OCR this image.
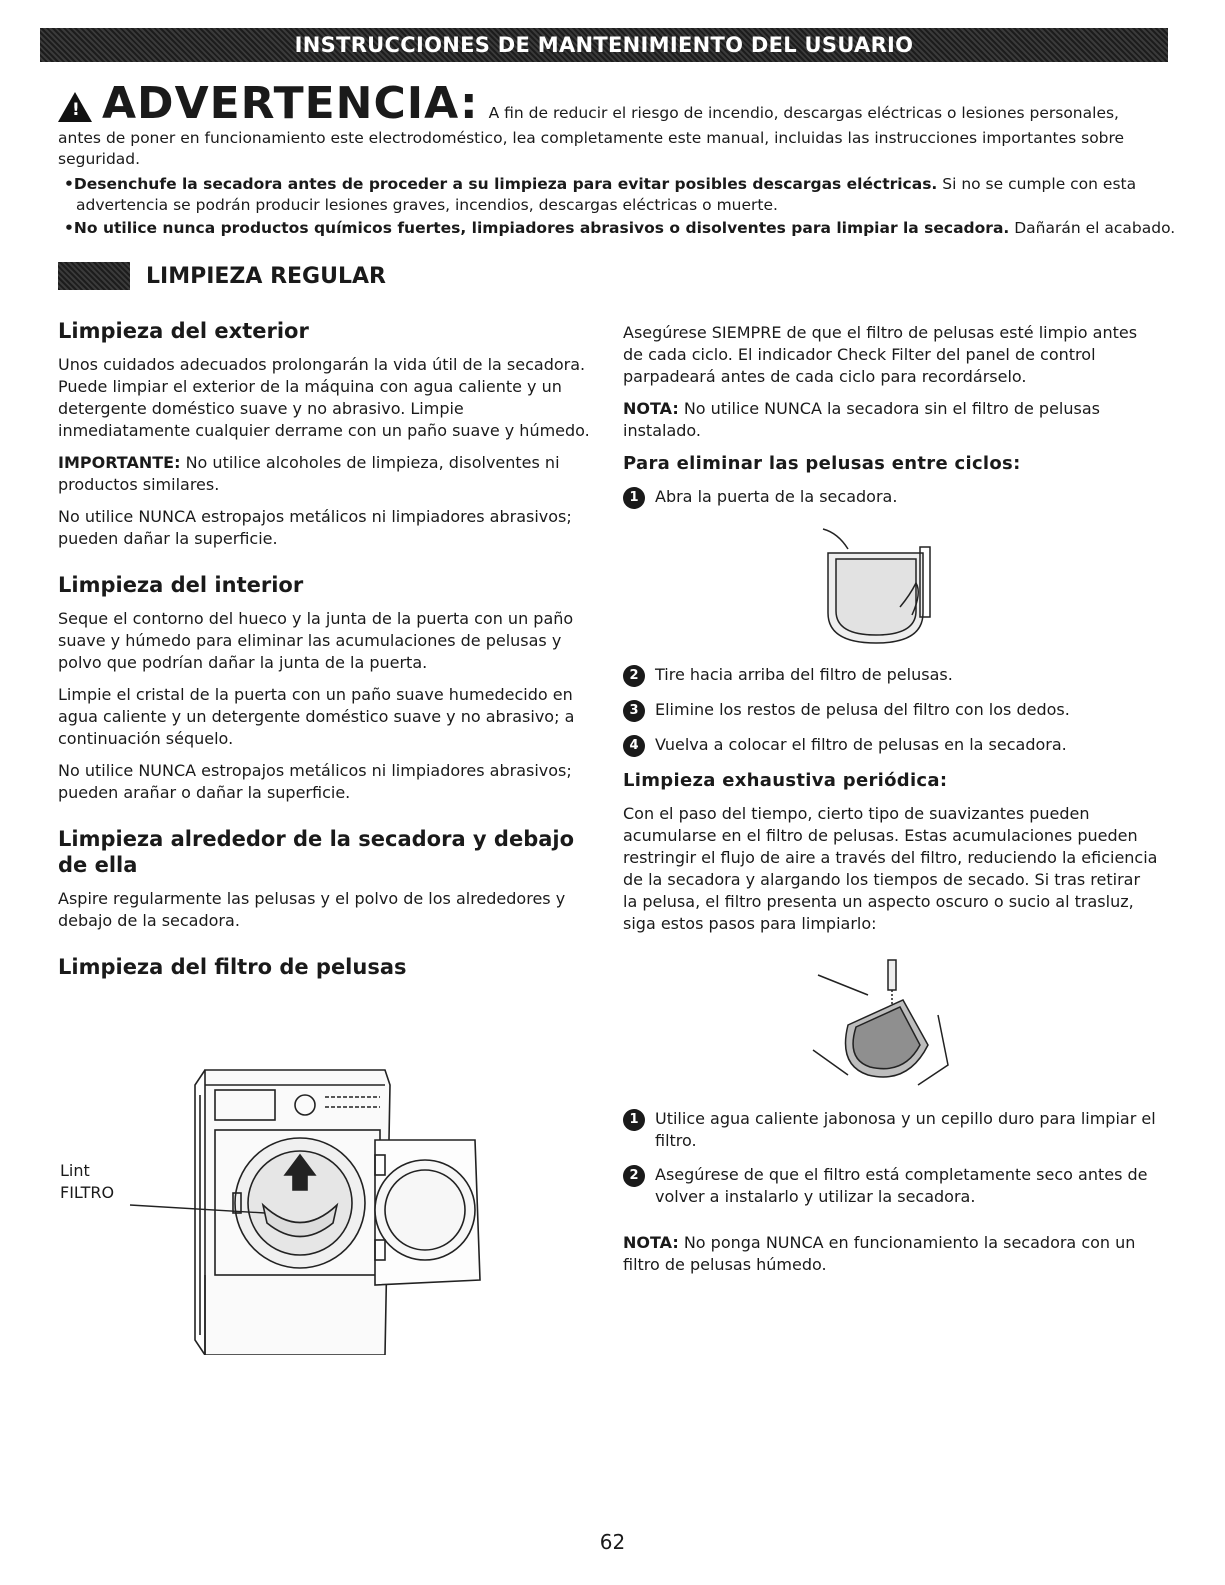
INSTRUCCIONES DE MANTENIMIENTO DEL USUARIO
!
ADVERTENCIA: A fin de reducir el riesgo de incendio, descargas eléctricas o lesiones personales,

antes de poner en funcionamiento este electrodoméstico, lea completamente este manual, incluidas las instrucciones importantes sobre seguridad.

• Desenchufe la secadora antes de proceder a su limpieza para evitar posibles descargas eléctricas. Si no se cumple con esta advertencia se podrán producir lesiones graves, incendios, descargas eléctricas o muerte.
• No utilice nunca productos químicos fuertes, limpiadores abrasivos o disolventes para limpiar la secadora. Dañarán el acabado.
LIMPIEZA REGULAR
Limpieza del exterior

Unos cuidados adecuados prolongarán la vida útil de la secadora. Puede limpiar el exterior de la máquina con agua caliente y un detergente doméstico suave y no abrasivo. Limpie inmediatamente cualquier derrame con un paño suave y húmedo.

IMPORTANTE: No utilice alcoholes de limpieza, disolventes ni productos similares.

No utilice NUNCA estropajos metálicos ni limpiadores abrasivos; pueden dañar la superficie.

Limpieza del interior

Seque el contorno del hueco y la junta de la puerta con un paño suave y húmedo para eliminar las acumulaciones de pelusas y polvo que podrían dañar la junta de la puerta.

Limpie el cristal de la puerta con un paño suave humedecido en agua caliente y un detergente doméstico suave y no abrasivo; a continuación séquelo.

No utilice NUNCA estropajos metálicos ni limpiadores abrasivos; pueden arañar o dañar la superficie.

Limpieza alrededor de la secadora y debajo de ella

Aspire regularmente las pelusas y el polvo de los alrededores y debajo de la secadora.

Limpieza del filtro de pelusas
Lint
FILTRO

Asegúrese SIEMPRE de que el filtro de pelusas esté limpio antes de cada ciclo. El indicador Check Filter del panel de control parpadeará antes de cada ciclo para recordárselo.

NOTA: No utilice NUNCA la secadora sin el filtro de pelusas instalado.

Para eliminar las pelusas entre ciclos:
1	Abra la puerta de la secadora.
2	Tire hacia arriba del filtro de pelusas.
3	Elimine los restos de pelusa del filtro con los dedos.
4	Vuelva a colocar el filtro de pelusas en la secadora.
Limpieza exhaustiva periódica:

Con el paso del tiempo, cierto tipo de suavizantes pueden acumularse en el filtro de pelusas. Estas acumulaciones pueden restringir el flujo de aire a través del filtro, reduciendo la eficiencia de la secadora y alargando los tiempos de secado. Si tras retirar la pelusa, el filtro presenta un aspecto oscuro o sucio al trasluz, siga estos pasos para limpiarlo:

1	Utilice agua caliente jabonosa y un cepillo duro para limpiar el filtro.
2	Asegúrese de que el filtro está completamente seco antes de volver a instalarlo y utilizar la secadora.

NOTA: No ponga NUNCA en funcionamiento la secadora con un filtro de pelusas húmedo.

62
